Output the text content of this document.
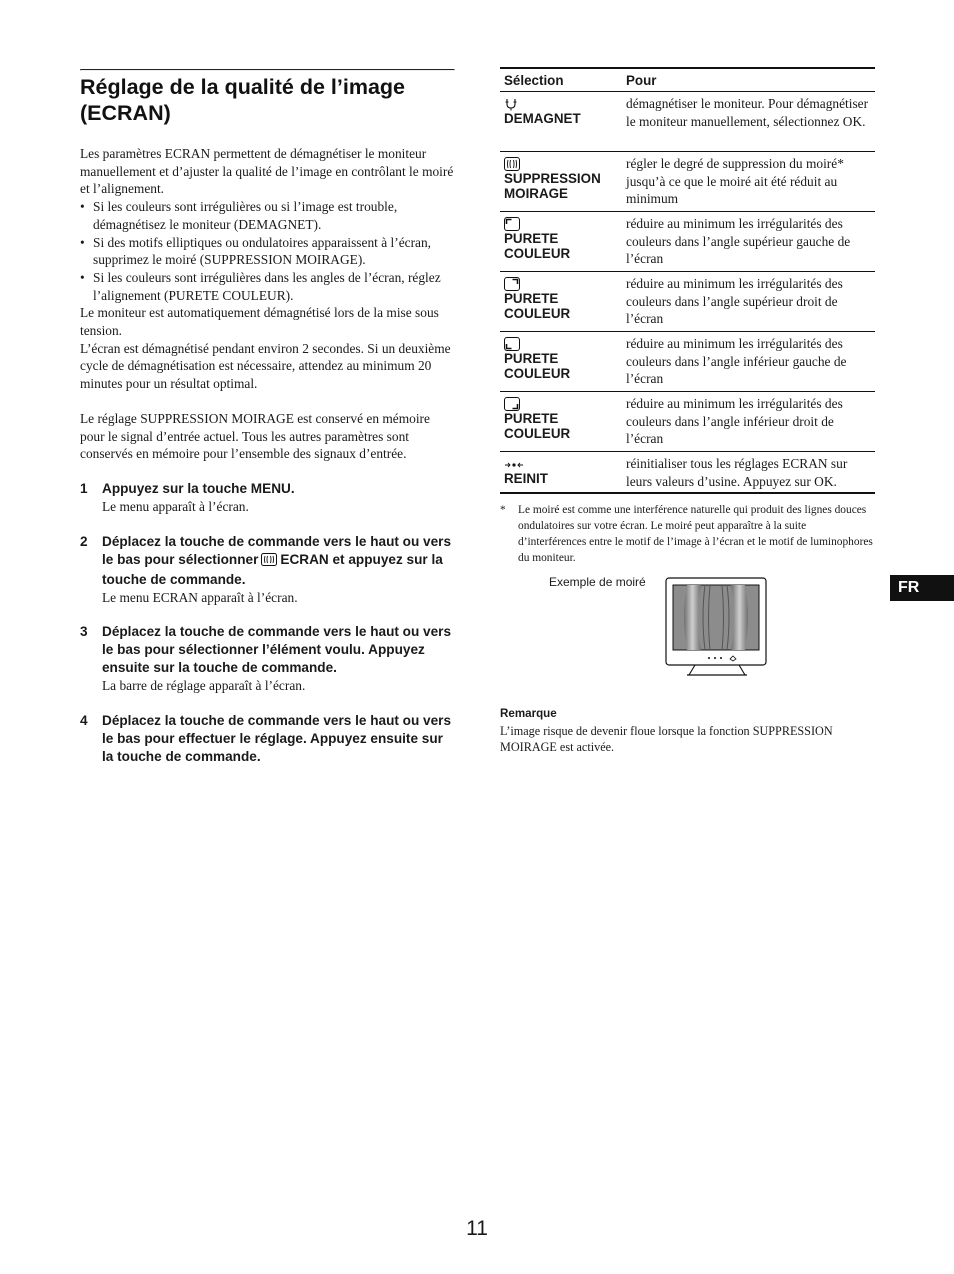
Réglage de la qualité de l’image (ECRAN)

Les paramètres ECRAN permettent de démagnétiser le moniteur manuellement et d’ajuster la qualité de l’image en contrôlant le moiré et l’alignement.

• Si les couleurs sont irrégulières ou si l’image est trouble, démagnétisez le moniteur (DEMAGNET).
• Si des motifs elliptiques ou ondulatoires apparaissent à l’écran, supprimez le moiré (SUPPRESSION MOIRAGE).
• Si les couleurs sont irrégulières dans les angles de l’écran, réglez l’alignement (PURETE COULEUR).

Le moniteur est automatiquement démagnétisé lors de la mise sous tension.

L’écran est démagnétisé pendant environ 2 secondes. Si un deuxième cycle de démagnétisation est nécessaire, attendez au minimum 20 minutes pour un résultat optimal.

Le réglage SUPPRESSION MOIRAGE est conservé en mémoire pour le signal d’entrée actuel. Tous les autres paramètres sont conservés en mémoire pour l’ensemble des signaux d’entrée.

1 Appuyez sur la touche MENU.

Le menu apparaît à l’écran.

2 Déplacez la touche de commande vers le haut ou vers le bas pour sélectionner ECRAN et appuyez sur la touche de commande.

Le menu ECRAN apparaît à l’écran.

3 Déplacez la touche de commande vers le haut ou vers le bas pour sélectionner l’élément voulu. Appuyez ensuite sur la touche de commande.

La barre de réglage apparaît à l’écran.

4 Déplacez la touche de commande vers le haut ou vers le bas pour effectuer le réglage. Appuyez ensuite sur la touche de commande.

Sélection	Pour

DEMAGNET	démagnétiser le moniteur. Pour démagnétiser le moniteur manuellement, sélectionnez OK.

SUPPRESSION MOIRAGE	régler le degré de suppression du moiré* jusqu’à ce que le moiré ait été réduit au minimum

PURETE COULEUR	réduire au minimum les irrégularités des couleurs dans l’angle supérieur gauche de l’écran

PURETE COULEUR	réduire au minimum les irrégularités des couleurs dans l’angle supérieur droit de l’écran

PURETE COULEUR	réduire au minimum les irrégularités des couleurs dans l’angle inférieur gauche de l’écran

PURETE COULEUR	réduire au minimum les irrégularités des couleurs dans l’angle inférieur droit de l’écran

REINIT	réinitialiser tous les réglages ECRAN sur leurs valeurs d’usine. Appuyez sur OK.
* Le moiré est comme une interférence naturelle qui produit des lignes douces ondulatoires sur votre écran. Le moiré peut apparaître à la suite d’interférences entre le motif de l’image à l’écran et le motif de luminophores du moniteur.
Exemple de moiré
Remarque
L’image risque de devenir floue lorsque la fonction SUPPRESSION MOIRAGE est activée.
FR
11
